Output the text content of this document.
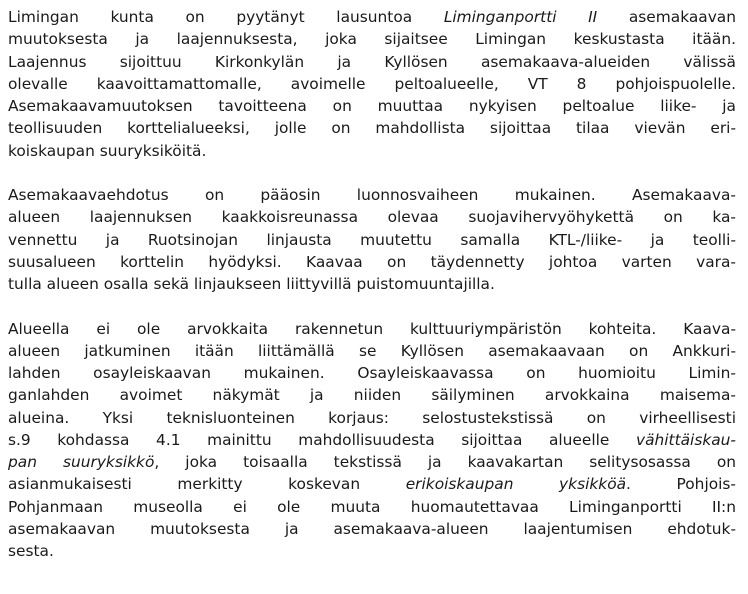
Limingan kunta on pyytänyt lausuntoa Liminganportti II asemakaavan
muutoksesta ja laajennuksesta, joka sijaitsee Limingan keskustasta itään.
Laajennus sijoittuu Kirkonkylän ja Kyllösen asemakaava-alueiden välissä
olevalle kaavoittamattomalle, avoimelle peltoalueelle, VT 8 pohjoispuolelle.
Asemakaavamuutoksen tavoitteena on muuttaa nykyisen peltoalue liike- ja
teollisuuden korttelialueeksi, jolle on mahdollista sijoittaa tilaa vievän eri-
koiskaupan suuryksiköitä.

Asemakaavaehdotus on pääosin luonnosvaiheen mukainen. Asemakaava-
alueen laajennuksen kaakkoisreunassa olevaa suojavihervyöhykettä on ka-
vennettu ja Ruotsinojan linjausta muutettu samalla KTL-/liike- ja teolli-
suusalueen korttelin hyödyksi. Kaavaa on täydennetty johtoa varten vara-
tulla alueen osalla sekä linjaukseen liittyvillä puistomuuntajilla.

Alueella ei ole arvokkaita rakennetun kulttuuriympäristön kohteita. Kaava-
alueen jatkuminen itään liittämällä se Kyllösen asemakaavaan on Ankkuri-
lahden osayleiskaavan mukainen. Osayleiskaavassa on huomioitu Limin-
ganlahden avoimet näkymät ja niiden säilyminen arvokkaina maisema-
alueina. Yksi teknisluonteinen korjaus: selostustekstissä on virheellisesti
s.9 kohdassa 4.1 mainittu mahdollisuudesta sijoittaa alueelle vähittäiskau-
pan suuryksikkö, joka toisaalla tekstissä ja kaavakartan selitysosassa on
asianmukaisesti merkitty koskevan erikoiskaupan yksikköä. Pohjois-
Pohjanmaan museolla ei ole muuta huomautettavaa Liminganportti II:n
asemakaavan muutoksesta ja asemakaava-alueen laajentumisen ehdotuk-
sesta.
